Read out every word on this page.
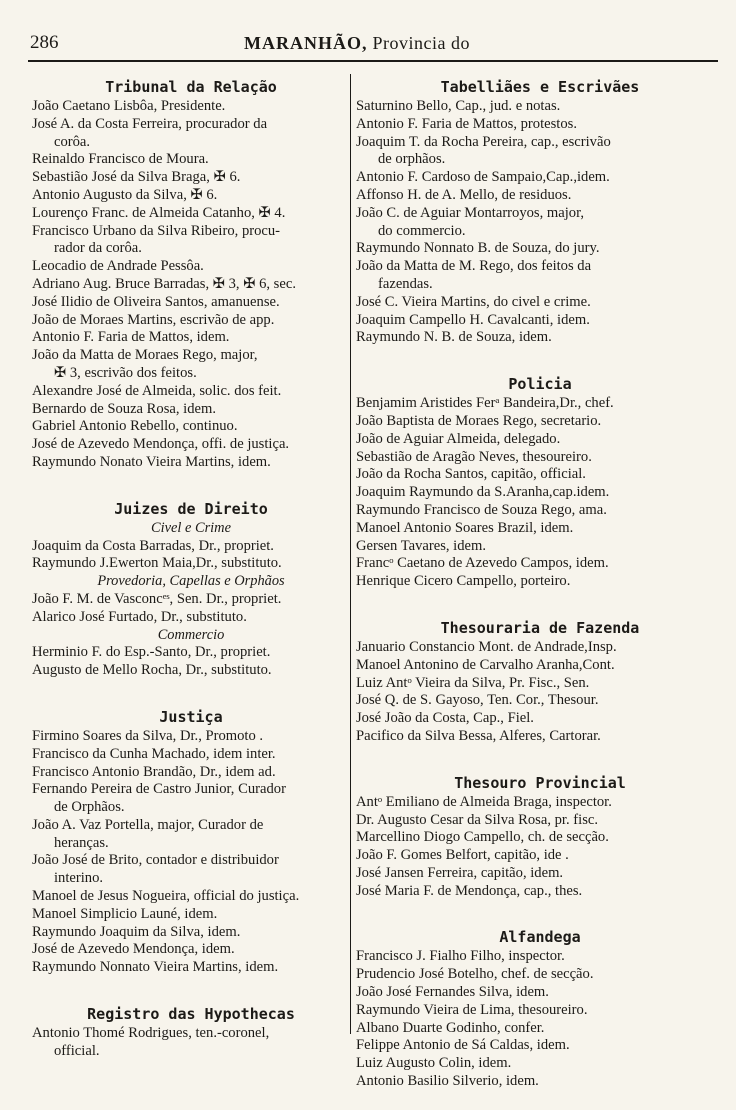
286	MARANHÃO, Provincia do
Tribunal da Relação
João Caetano Lisbôa, Presidente.
José A. da Costa Ferreira, procurador da
corôa.
Reinaldo Francisco de Moura.
Sebastião José da Silva Braga, ✠ 6.
Antonio Augusto da Silva, ✠ 6.
Lourenço Franc. de Almeida Catanho, ✠ 4.
Francisco Urbano da Silva Ribeiro, procu-
rador da corôa.
Leocadio de Andrade Pessôa.
Adriano Aug. Bruce Barradas, ✠ 3, ✠ 6, sec.
José Ilidio de Oliveira Santos, amanuense.
João de Moraes Martins, escrivão de app.
Antonio F. Faria de Mattos, idem.
João da Matta de Moraes Rego, major,
✠ 3, escrivão dos feitos.
Alexandre José de Almeida, solic. dos feit.
Bernardo de Souza Rosa, idem.
Gabriel Antonio Rebello, continuo.
José de Azevedo Mendonça, offi. de justiça.
Raymundo Nonato Vieira Martins, idem.
Juizes de Direito
Civel e Crime
Joaquim da Costa Barradas, Dr., propriet.
Raymundo J.Ewerton Maia,Dr., substituto.
Provedoria, Capellas e Orphãos
João F. M. de Vasconcᵉˢ, Sen. Dr., propriet.
Alarico José Furtado, Dr., substituto.
Commercio
Herminio F. do Esp.-Santo, Dr., propriet.
Augusto de Mello Rocha, Dr., substituto.
Justiça
Firmino Soares da Silva, Dr., Promoto .
Francisco da Cunha Machado, idem inter.
Francisco Antonio Brandão, Dr., idem ad.
Fernando Pereira de Castro Junior, Curador
de Orphãos.
João A. Vaz Portella, major, Curador de
heranças.
João José de Brito, contador e distribuidor
interino.
Manoel de Jesus Nogueira, official do justiça.
Manoel Simplicio Launé, idem.
Raymundo Joaquim da Silva, idem.
José de Azevedo Mendonça, idem.
Raymundo Nonnato Vieira Martins, idem.
Registro das Hypothecas
Antonio Thomé Rodrigues, ten.-coronel,
official.
Tabelliães e Escrivães
Saturnino Bello, Cap., jud. e notas.
Antonio F. Faria de Mattos, protestos.
Joaquim T. da Rocha Pereira, cap., escrivão
de orphãos.
Antonio F. Cardoso de Sampaio,Cap.,idem.
Affonso H. de A. Mello, de residuos.
João C. de Aguiar Montarroyos, major,
do commercio.
Raymundo Nonnato B. de Souza, do jury.
João da Matta de M. Rego, dos feitos da
fazendas.
José C. Vieira Martins, do civel e crime.
Joaquim Campello H. Cavalcanti, idem.
Raymundo N. B. de Souza, idem.
Policia
Benjamim Aristides Ferᵃ Bandeira,Dr., chef.
João Baptista de Moraes Rego, secretario.
João de Aguiar Almeida, delegado.
Sebastião de Aragão Neves, thesoureiro.
João da Rocha Santos, capitão, official.
Joaquim Raymundo da S.Aranha,cap.idem.
Raymundo Francisco de Souza Rego, ama.
Manoel Antonio Soares Brazil, idem.
Gersen Tavares, idem.
Francᵒ Caetano de Azevedo Campos, idem.
Henrique Cicero Campello, porteiro.
Thesouraria de Fazenda
Januario Constancio Mont. de Andrade,Insp.
Manoel Antonino de Carvalho Aranha,Cont.
Luiz Antᵒ Vieira da Silva, Pr. Fisc., Sen.
José Q. de S. Gayoso, Ten. Cor., Thesour.
José João da Costa, Cap., Fiel.
Pacifico da Silva Bessa, Alferes, Cartorar.
Thesouro Provincial
Antᵒ Emiliano de Almeida Braga, inspector.
Dr. Augusto Cesar da Silva Rosa, pr. fisc.
Marcellino Diogo Campello, ch. de secção.
João F. Gomes Belfort, capitão, ide .
José Jansen Ferreira, capitão, idem.
José Maria F. de Mendonça, cap., thes.
Alfandega
Francisco J. Fialho Filho, inspector.
Prudencio José Botelho, chef. de secção.
João José Fernandes Silva, idem.
Raymundo Vieira de Lima, thesoureiro.
Albano Duarte Godinho, confer.
Felippe Antonio de Sá Caldas, idem.
Luiz Augusto Colin, idem.
Antonio Basilio Silverio, idem.
